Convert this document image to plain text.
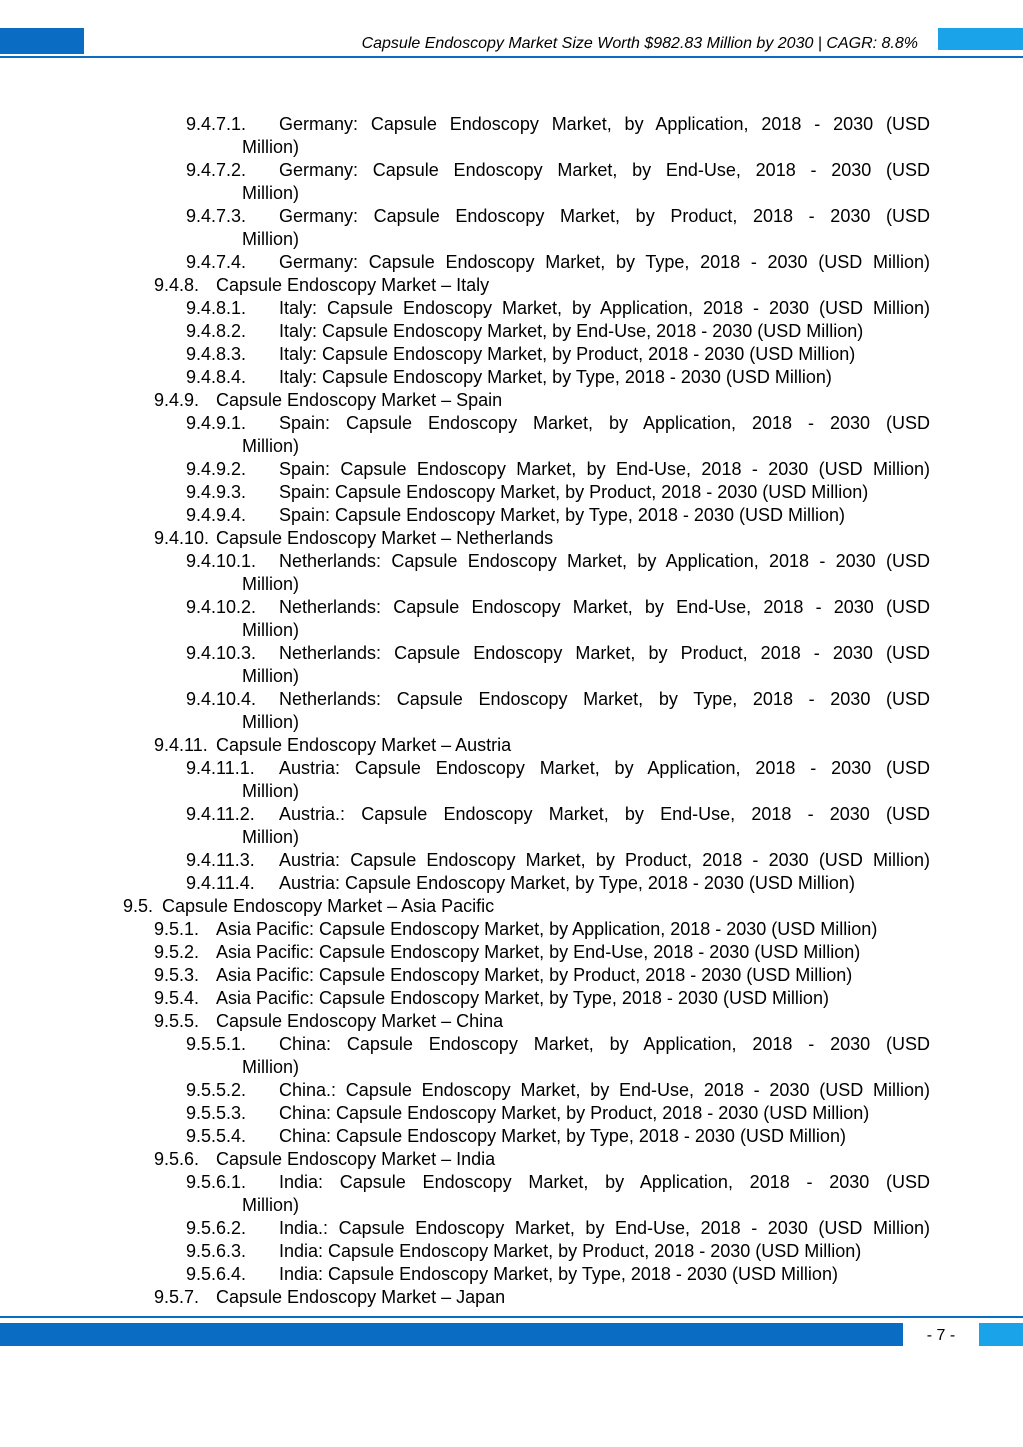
Capsule Endoscopy Market Size Worth $982.83 Million by 2030 | CAGR: 8.8%
9.4.7.1. Germany: Capsule Endoscopy Market, by Application, 2018 - 2030 (USD
Million)
9.4.7.2. Germany: Capsule Endoscopy Market, by End-Use, 2018 - 2030 (USD
Million)
9.4.7.3. Germany: Capsule Endoscopy Market, by Product, 2018 - 2030 (USD
Million)
9.4.7.4. Germany: Capsule Endoscopy Market, by Type, 2018 - 2030 (USD Million)
9.4.8. Capsule Endoscopy Market – Italy
9.4.8.1. Italy: Capsule Endoscopy Market, by Application, 2018 - 2030 (USD Million)
9.4.8.2. Italy: Capsule Endoscopy Market, by End-Use, 2018 - 2030 (USD Million)
9.4.8.3. Italy: Capsule Endoscopy Market, by Product, 2018 - 2030 (USD Million)
9.4.8.4. Italy: Capsule Endoscopy Market, by Type, 2018 - 2030 (USD Million)
9.4.9. Capsule Endoscopy Market – Spain
9.4.9.1. Spain: Capsule Endoscopy Market, by Application, 2018 - 2030 (USD
Million)
9.4.9.2. Spain: Capsule Endoscopy Market, by End-Use, 2018 - 2030 (USD Million)
9.4.9.3. Spain: Capsule Endoscopy Market, by Product, 2018 - 2030 (USD Million)
9.4.9.4. Spain: Capsule Endoscopy Market, by Type, 2018 - 2030 (USD Million)
9.4.10. Capsule Endoscopy Market – Netherlands
9.4.10.1. Netherlands: Capsule Endoscopy Market, by Application, 2018 - 2030 (USD
Million)
9.4.10.2. Netherlands: Capsule Endoscopy Market, by End-Use, 2018 - 2030 (USD
Million)
9.4.10.3. Netherlands: Capsule Endoscopy Market, by Product, 2018 - 2030 (USD
Million)
9.4.10.4. Netherlands: Capsule Endoscopy Market, by Type, 2018 - 2030 (USD
Million)
9.4.11. Capsule Endoscopy Market – Austria
9.4.11.1. Austria: Capsule Endoscopy Market, by Application, 2018 - 2030 (USD
Million)
9.4.11.2. Austria.: Capsule Endoscopy Market, by End-Use, 2018 - 2030 (USD
Million)
9.4.11.3. Austria: Capsule Endoscopy Market, by Product, 2018 - 2030 (USD Million)
9.4.11.4. Austria: Capsule Endoscopy Market, by Type, 2018 - 2030 (USD Million)
9.5. Capsule Endoscopy Market – Asia Pacific
9.5.1. Asia Pacific: Capsule Endoscopy Market, by Application, 2018 - 2030 (USD Million)
9.5.2. Asia Pacific: Capsule Endoscopy Market, by End-Use, 2018 - 2030 (USD Million)
9.5.3. Asia Pacific: Capsule Endoscopy Market, by Product, 2018 - 2030 (USD Million)
9.5.4. Asia Pacific: Capsule Endoscopy Market, by Type, 2018 - 2030 (USD Million)
9.5.5. Capsule Endoscopy Market – China
9.5.5.1. China: Capsule Endoscopy Market, by Application, 2018 - 2030 (USD
Million)
9.5.5.2. China.: Capsule Endoscopy Market, by End-Use, 2018 - 2030 (USD Million)
9.5.5.3. China: Capsule Endoscopy Market, by Product, 2018 - 2030 (USD Million)
9.5.5.4. China: Capsule Endoscopy Market, by Type, 2018 - 2030 (USD Million)
9.5.6. Capsule Endoscopy Market – India
9.5.6.1. India: Capsule Endoscopy Market, by Application, 2018 - 2030 (USD
Million)
9.5.6.2. India.: Capsule Endoscopy Market, by End-Use, 2018 - 2030 (USD Million)
9.5.6.3. India: Capsule Endoscopy Market, by Product, 2018 - 2030 (USD Million)
9.5.6.4. India: Capsule Endoscopy Market, by Type, 2018 - 2030 (USD Million)
9.5.7. Capsule Endoscopy Market – Japan
- 7 -
